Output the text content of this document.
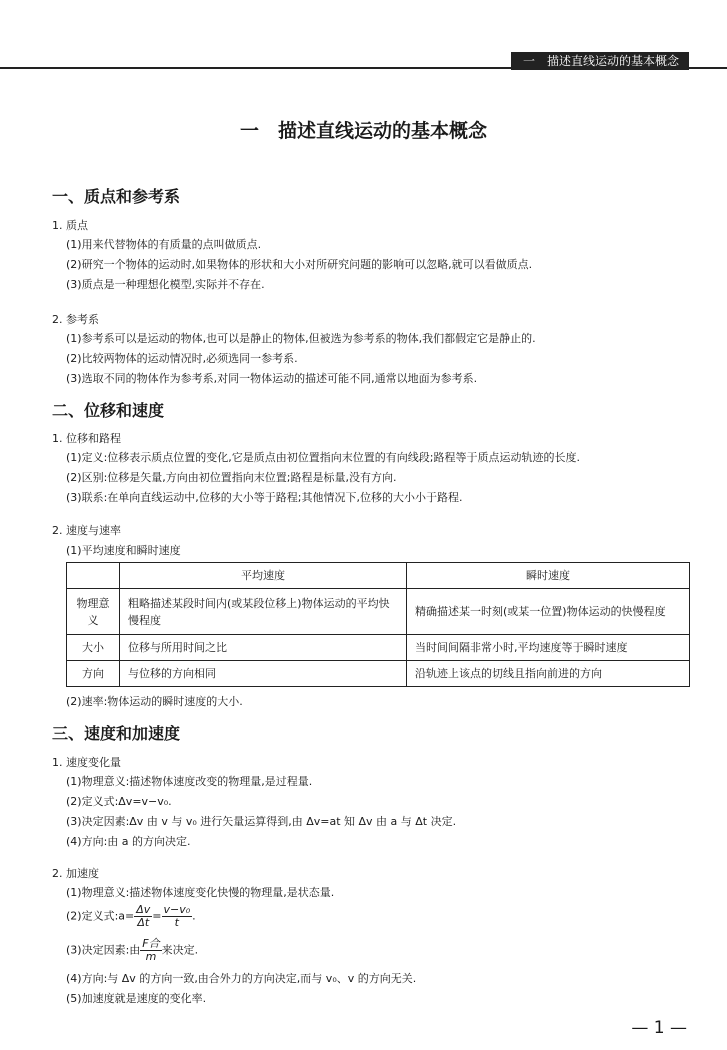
一　描述直线运动的基本概念
一　描述直线运动的基本概念
一、质点和参考系
1. 质点
(1)用来代替物体的有质量的点叫做质点.
(2)研究一个物体的运动时,如果物体的形状和大小对所研究问题的影响可以忽略,就可以看做质点.
(3)质点是一种理想化模型,实际并不存在.
2. 参考系
(1)参考系可以是运动的物体,也可以是静止的物体,但被选为参考系的物体,我们都假定它是静止的.
(2)比较两物体的运动情况时,必须选同一参考系.
(3)选取不同的物体作为参考系,对同一物体运动的描述可能不同,通常以地面为参考系.
二、位移和速度
1. 位移和路程
(1)定义:位移表示质点位置的变化,它是质点由初位置指向末位置的有向线段;路程等于质点运动轨迹的长度.
(2)区别:位移是矢量,方向由初位置指向末位置;路程是标量,没有方向.
(3)联系:在单向直线运动中,位移的大小等于路程;其他情况下,位移的大小小于路程.
2. 速度与速率
(1)平均速度和瞬时速度
	平均速度	瞬时速度
物理意义	粗略描述某段时间内(或某段位移上)物体运动的平均快慢程度	精确描述某一时刻(或某一位置)物体运动的快慢程度
大小	位移与所用时间之比	当时间间隔非常小时,平均速度等于瞬时速度
方向	与位移的方向相同	沿轨迹上该点的切线且指向前进的方向
(2)速率:物体运动的瞬时速度的大小.
三、速度和加速度
1. 速度变化量
(1)物理意义:描述物体速度改变的物理量,是过程量.
(2)定义式:Δv=v−v₀.
(3)决定因素:Δv 由 v 与 v₀ 进行矢量运算得到,由 Δv=at 知 Δv 由 a 与 Δt 决定.
(4)方向:由 a 的方向决定.
2. 加速度
(1)物理意义:描述物体速度变化快慢的物理量,是状态量.
(2)定义式:a= $\frac{\Delta v}{\Delta t} = \frac{\text{v−v₀}}{t}$ .
(3)决定因素:由 $\frac{\text{F合}}{m}$ 来决定.
(4)方向:与 Δv 的方向一致,由合外力的方向决定,而与 v₀、v 的方向无关.
(5)加速度就是速度的变化率.
— 1 —
